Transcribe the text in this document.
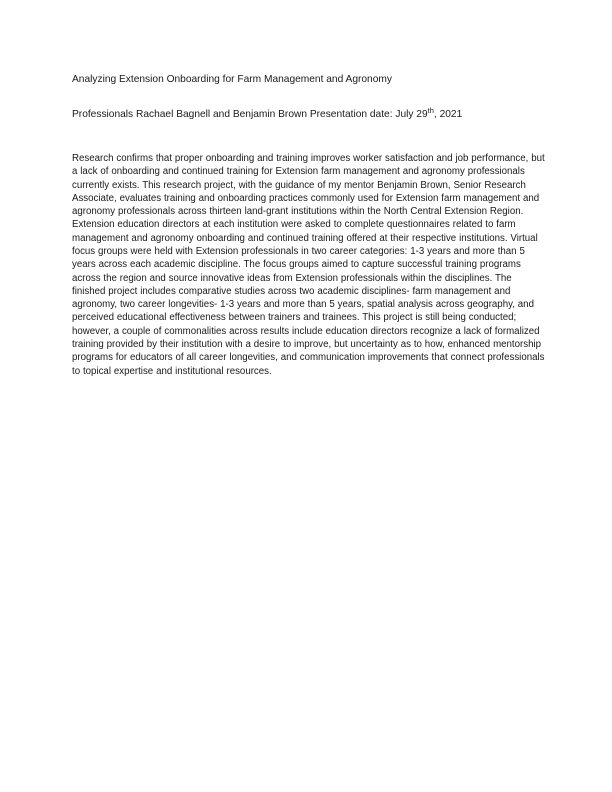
Analyzing Extension Onboarding for Farm Management and Agronomy
Professionals Rachael Bagnell and Benjamin Brown Presentation date: July 29th, 2021

Research confirms that proper onboarding and training improves worker satisfaction and job performance, but a lack of onboarding and continued training for Extension farm management and agronomy professionals currently exists. This research project, with the guidance of my mentor Benjamin Brown, Senior Research Associate, evaluates training and onboarding practices commonly used for Extension farm management and agronomy professionals across thirteen land-grant institutions within the North Central Extension Region. Extension education directors at each institution were asked to complete questionnaires related to farm management and agronomy onboarding and continued training offered at their respective institutions. Virtual focus groups were held with Extension professionals in two career categories: 1-3 years and more than 5 years across each academic discipline. The focus groups aimed to capture successful training programs across the region and source innovative ideas from Extension professionals within the disciplines. The finished project includes comparative studies across two academic disciplines- farm management and agronomy, two career longevities- 1-3 years and more than 5 years, spatial analysis across geography, and perceived educational effectiveness between trainers and trainees. This project is still being conducted; however, a couple of commonalities across results include education directors recognize a lack of formalized training provided by their institution with a desire to improve, but uncertainty as to how, enhanced mentorship programs for educators of all career longevities, and communication improvements that connect professionals to topical expertise and institutional resources.
